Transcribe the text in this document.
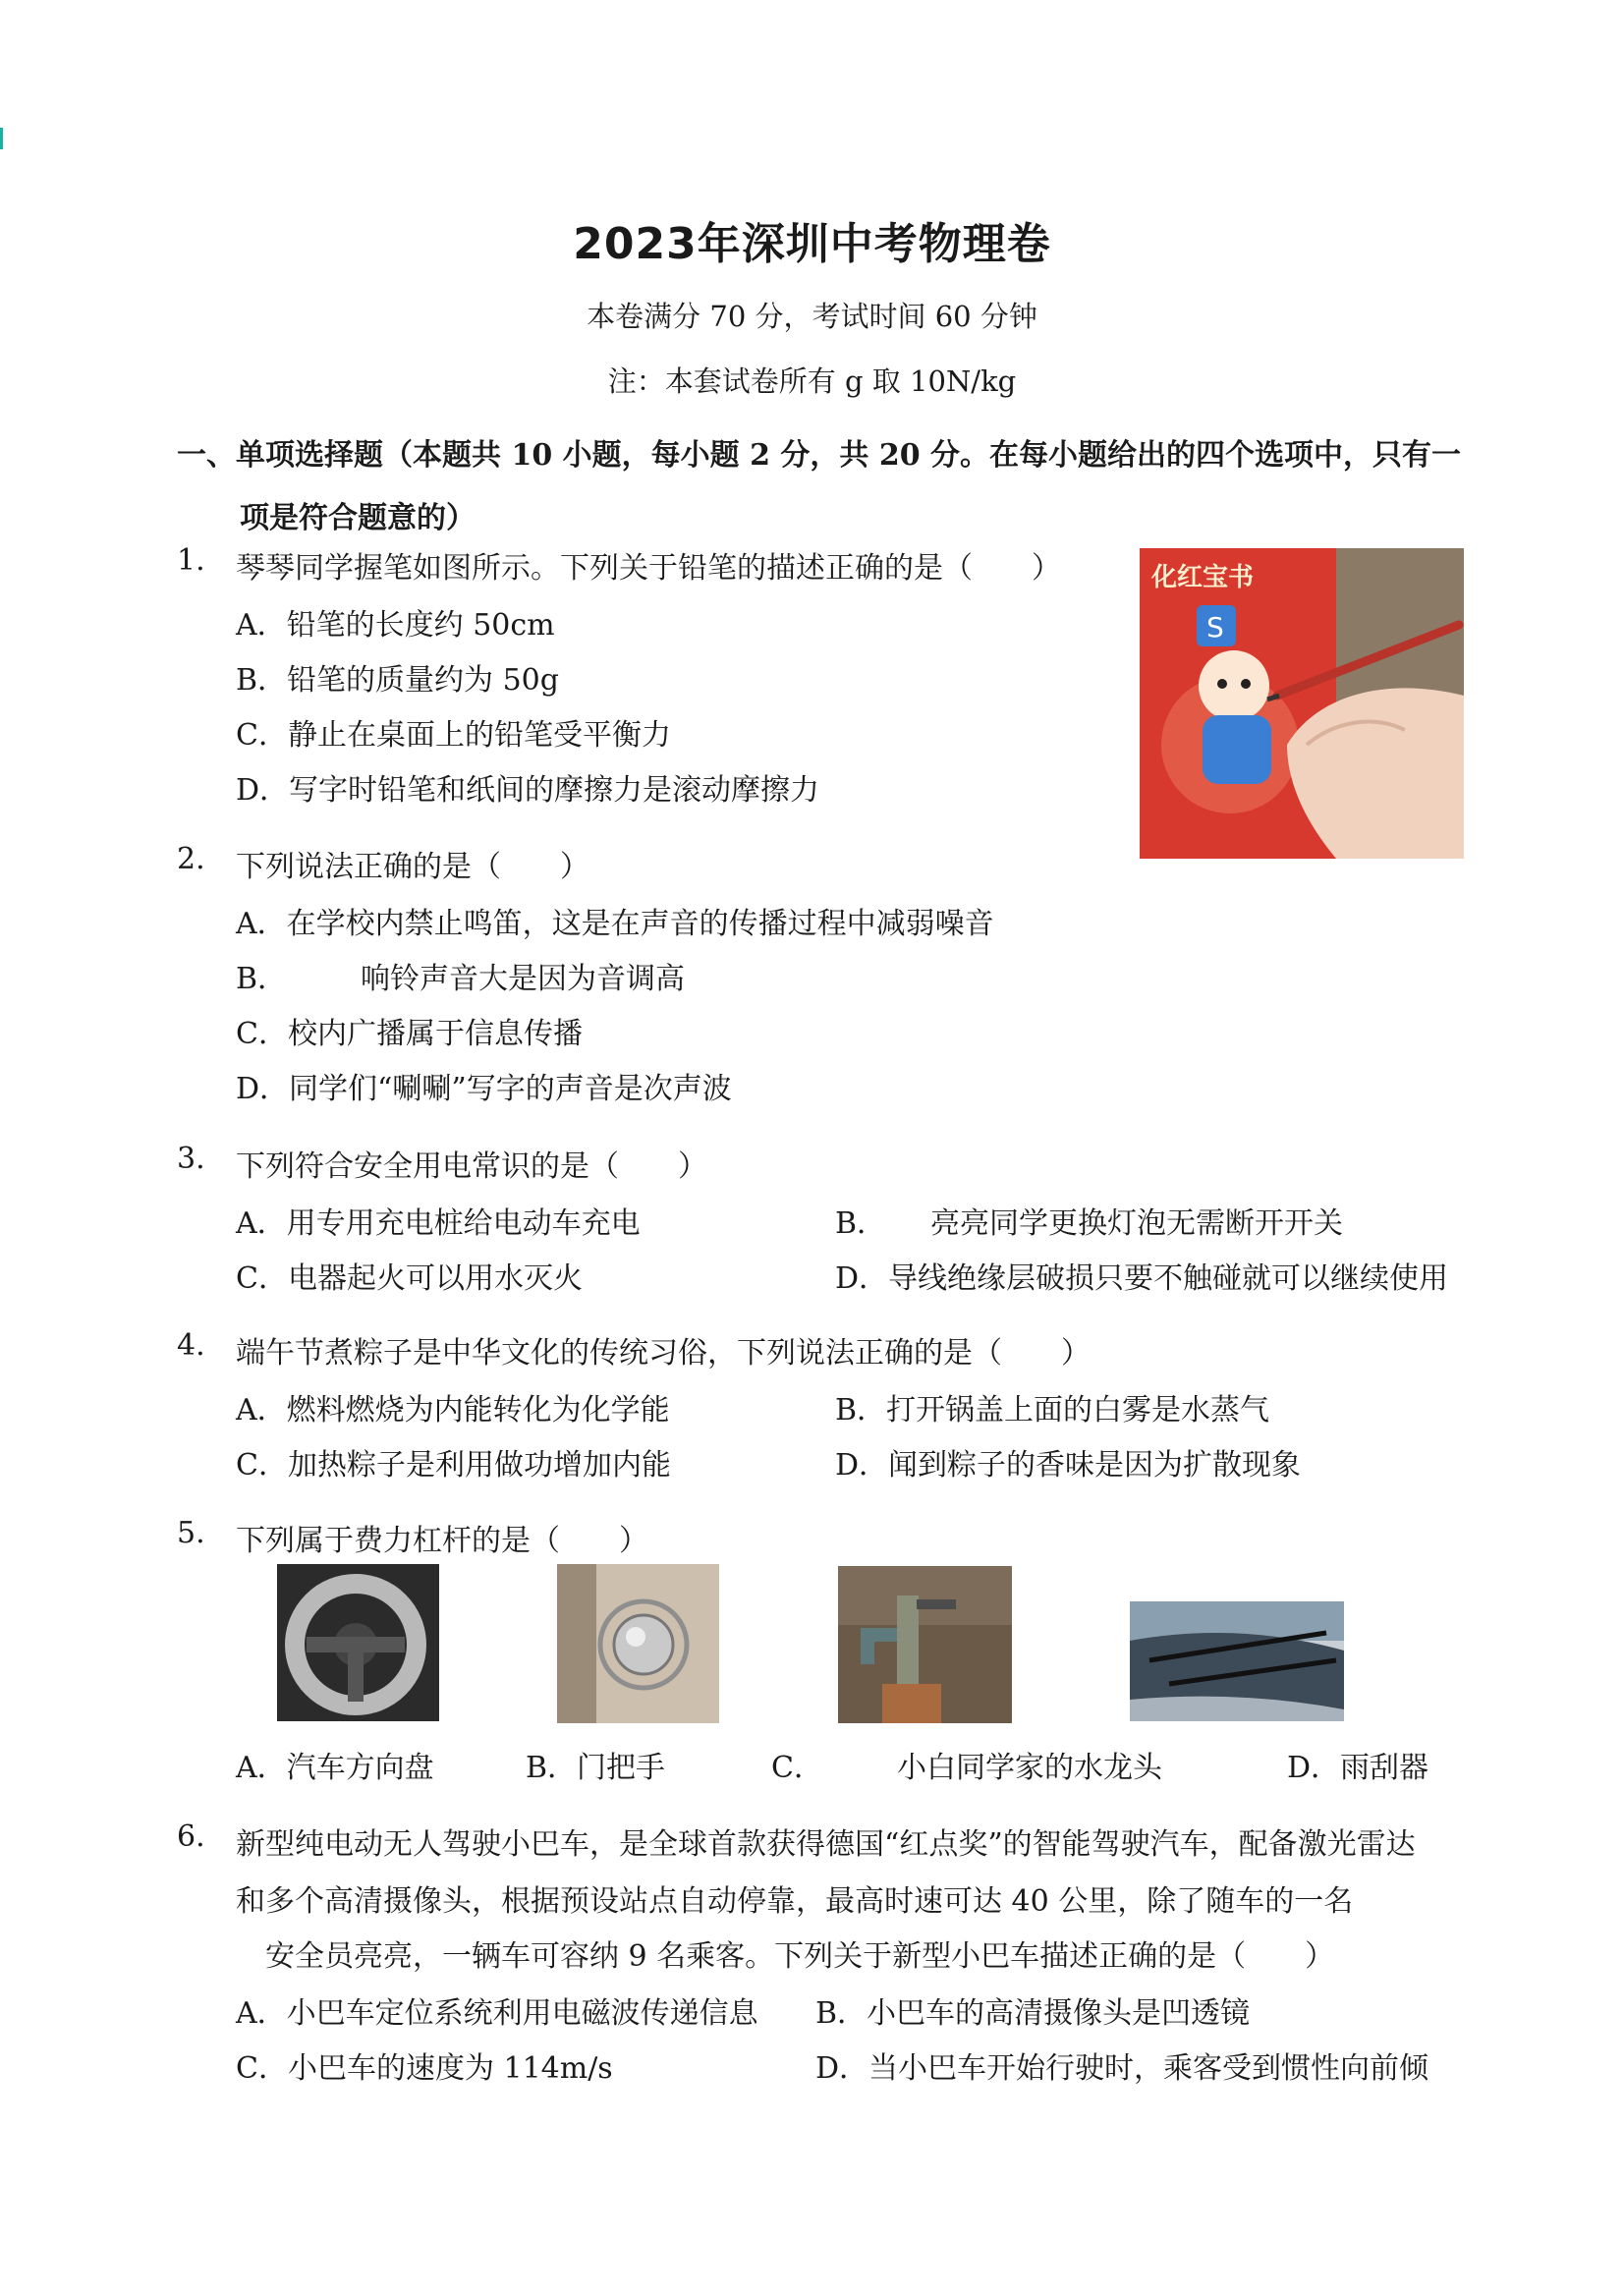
2023年深圳中考物理卷
本卷满分 70 分，考试时间 60 分钟
注：本套试卷所有 g 取 10N/kg
一、单项选择题（本题共 10 小题，每小题 2 分，共 20 分。在每小题给出的四个选项中，只有一
项是符合题意的）
1. 琴琴同学握笔如图所示。下列关于铅笔的描述正确的是（　　）
A．铅笔的长度约 50cm
B．铅笔的质量约为 50g
C．静止在桌面上的铅笔受平衡力
D．写字时铅笔和纸间的摩擦力是滚动摩擦力
化红宝书
S
2. 下列说法正确的是（　　）
A．在学校内禁止鸣笛，这是在声音的传播过程中减弱噪音
B．　　　响铃声音大是因为音调高
C．校内广播属于信息传播
D．同学们“唰唰”写字的声音是次声波
3. 下列符合安全用电常识的是（　　）
A．用专用充电桩给电动车充电	B．　　亮亮同学更换灯泡无需断开开关
C．电器起火可以用水灭火	D．导线绝缘层破损只要不触碰就可以继续使用
4. 端午节煮粽子是中华文化的传统习俗，下列说法正确的是（　　）
A．燃料燃烧为内能转化为化学能	B．打开锅盖上面的白雾是水蒸气
C．加热粽子是利用做功增加内能	D．闻到粽子的香味是因为扩散现象
5. 下列属于费力杠杆的是（　　）
A．汽车方向盘	B．门把手	C．　　　小白同学家的水龙头	D．雨刮器
6. 新型纯电动无人驾驶小巴车，是全球首款获得德国“红点奖”的智能驾驶汽车，配备激光雷达
和多个高清摄像头，根据预设站点自动停靠，最高时速可达 40 公里，除了随车的一名
安全员亮亮，一辆车可容纳 9 名乘客。下列关于新型小巴车描述正确的是（　　）
A．小巴车定位系统利用电磁波传递信息 B．小巴车的高清摄像头是凹透镜
C．小巴车的速度为 114m/s	D．当小巴车开始行驶时，乘客受到惯性向前倾
